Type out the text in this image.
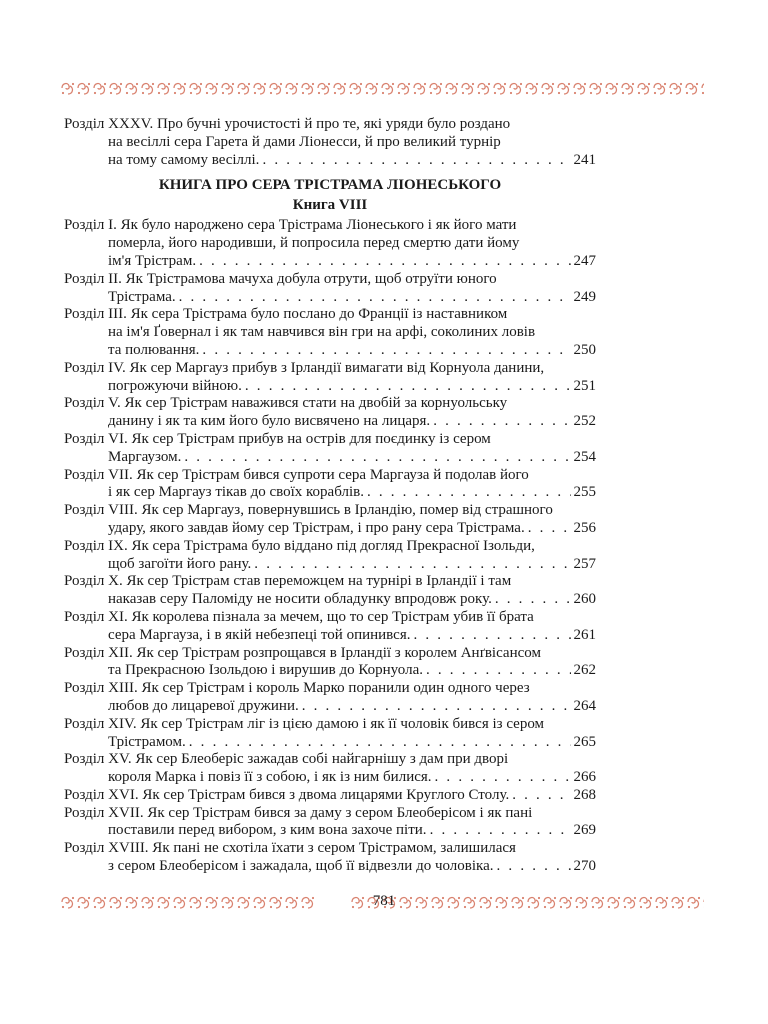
Розділ XXXV. Про бучні урочистості й про те, які уряди було роздано
на весіллі сера Гарета й дами Ліонесси, й про великий турнір
на тому самому весіллі. . . .	241
КНИГА ПРО СЕРА ТРІСТРАМА ЛІОНЕСЬКОГО
Книга VIII
Розділ І. Як було народжено сера Трістрама Ліонеського і як його мати
померла, його народивши, й попросила перед смертю дати йому
ім'я Трістрам. . . .	247
Розділ II. Як Трістрамова мачуха добула отрути, щоб отруїти юного
Трістрама. . . .	249
Розділ III. Як сера Трістрама було послано до Франції із наставником
на ім'я Ґовернал і як там навчився він гри на арфі, соколиних ловів
та полювання. . . .	250
Розділ IV. Як сер Маргауз прибув з Ірландії вимагати від Корнуола данини,
погрожуючи війною. . . .	251
Розділ V. Як сер Трістрам наважився стати на двобій за корнуольську
данину і як та ким його було висвячено на лицаря. . . .	252
Розділ VI. Як сер Трістрам прибув на острів для поєдинку із сером
Маргаузом. . . .	254
Розділ VII. Як сер Трістрам бився супроти сера Маргауза й подолав його
і як сер Маргауз тікав до своїх кораблів. . . .	255
Розділ VIII. Як сер Маргауз, повернувшись в Ірландію, помер від страшного
удару, якого завдав йому сер Трістрам, і про рану сера Трістрама. . . .	256
Розділ IX. Як сера Трістрама було віддано під догляд Прекрасної Ізольди,
щоб загоїти його рану. . . .	257
Розділ X. Як сер Трістрам став переможцем на турнірі в Ірландії і там
наказав серу Паломіду не носити обладунку впродовж року. . . .	260
Розділ XI. Як королева пізнала за мечем, що то сер Трістрам убив її брата
сера Маргауза, і в якій небезпеці той опинився. . . .	261
Розділ XII. Як сер Трістрам розпрощався в Ірландії з королем Анґвісансом
та Прекрасною Ізольдою і вирушив до Корнуола. . . .	262
Розділ XIII. Як сер Трістрам і король Марко поранили один одного через
любов до лицаревої дружини. . . .	264
Розділ XIV. Як сер Трістрам ліг із цією дамою і як її чоловік бився із сером
Трістрамом. . . .	265
Розділ XV. Як сер Блеоберіс зажадав собі найгарнішу з дам при дворі
короля Марка і повіз її з собою, і як із ним билися. . . .	266
Розділ XVI. Як сер Трістрам бився з двома лицарями Круглого Столу. . . .	268
Розділ XVII. Як сер Трістрам бився за даму з сером Блеоберісом і як пані
поставили перед вибором, з ким вона захоче піти. . . .	269
Розділ XVIII. Як пані не схотіла їхати з сером Трістрамом, залишилася
з сером Блеоберісом і зажадала, щоб її відвезли до чоловіка. . . .	270
781
